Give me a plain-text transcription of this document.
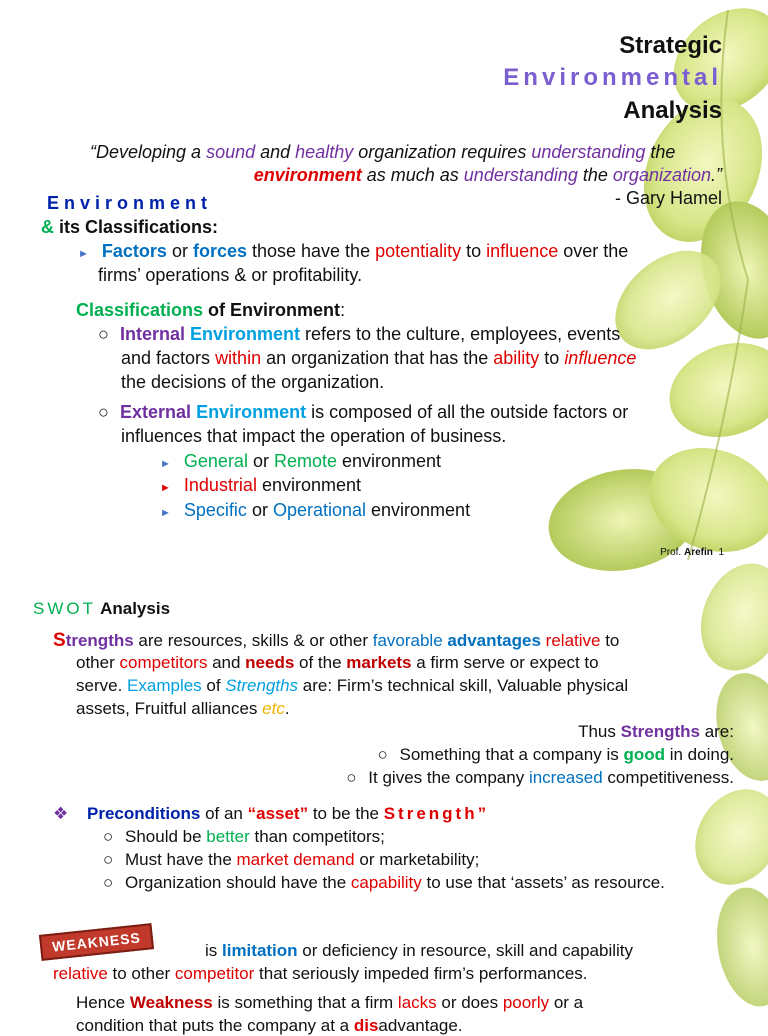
Strategic
Environmental
Analysis
“Developing a sound and healthy organization requires understanding the
environment as much as understanding the organization.”
- Gary Hamel
Environment
& its Classifications:
► Factors or forces those have the potentiality to influence over the
firms’ operations & or profitability.
Classifications of Environment:
○ Internal Environment refers to the culture, employees, events
and factors within an organization that has the ability to influence
the decisions of the organization.
○ External Environment is composed of all the outside factors or
influences that impact the operation of business.
► General or Remote environment
► Industrial environment
► Specific or Operational environment
Prof. Arefin 1
SWOT Analysis
Strengths are resources, skills & or other favorable advantages relative to
other competitors and needs of the markets a firm serve or expect to
serve. Examples of Strengths are: Firm’s technical skill, Valuable physical
assets, Fruitful alliances etc.
Thus Strengths are:
○ Something that a company is good in doing.
○ It gives the company increased competitiveness.
❖ Preconditions of an “asset” to be the Strength”
○ Should be better than competitors;
○ Must have the market demand or marketability;
○ Organization should have the capability to use that ‘assets’ as resource.
WEAKNESS	is limitation or deficiency in resource, skill and capability
relative to other competitor that seriously impeded firm’s performances.
Hence Weakness is something that a firm lacks or does poorly or a
condition that puts the company at a disadvantage.
